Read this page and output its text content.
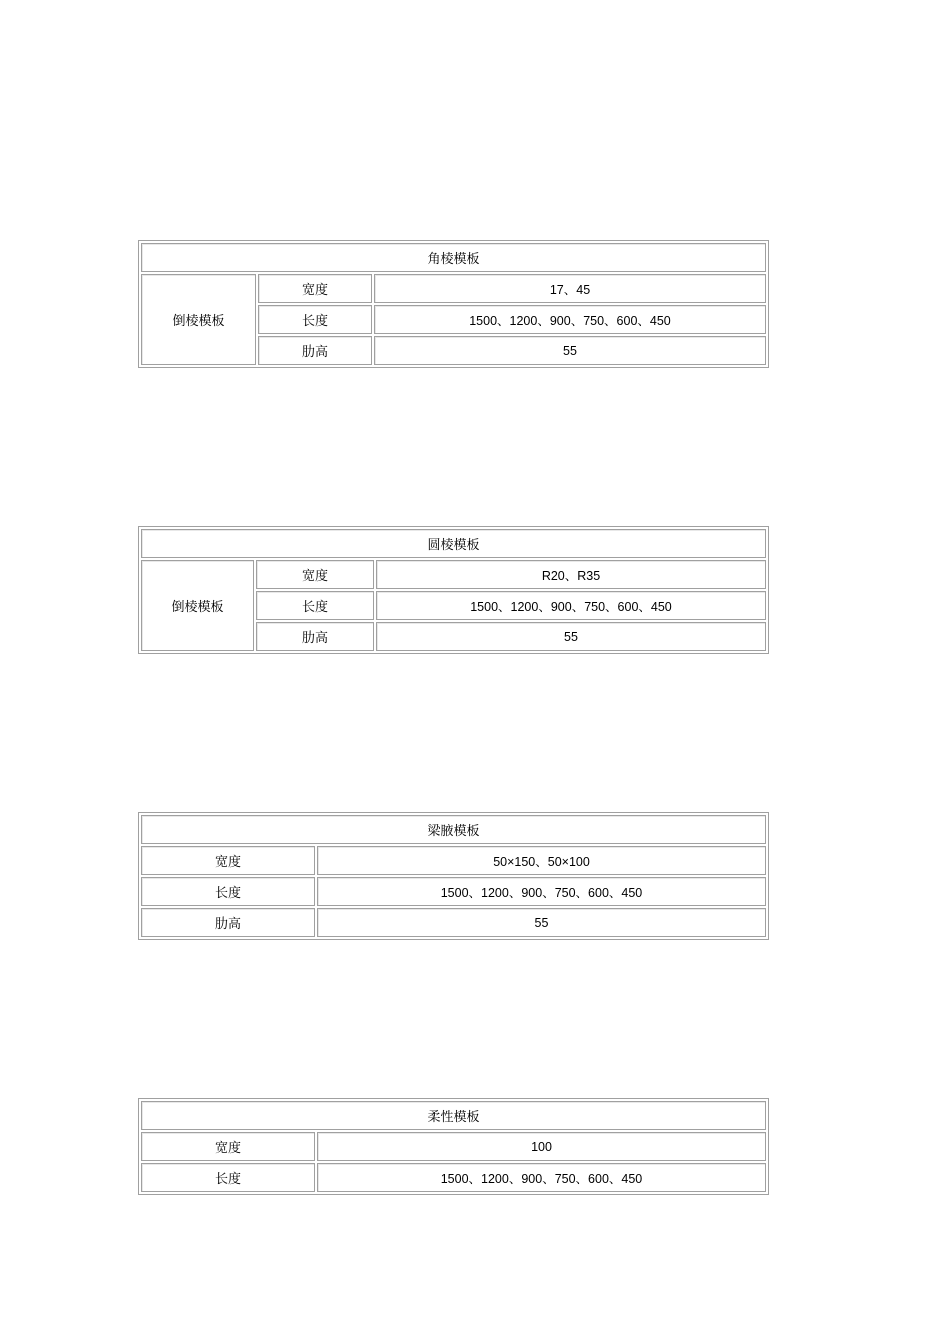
角棱模板		
倒棱模板	宽度	17、45
	长度	1500、1200、900、750、600、450
	肋高	55
圆棱模板		
倒棱模板	宽度	R20、R35
	长度	1500、1200、900、750、600、450
	肋高	55
梁腋模板	
宽度	50×150、50×100
长度	1500、1200、900、750、600、450
肋高	55
柔性模板	
宽度	100
长度	1500、1200、900、750、600、450
